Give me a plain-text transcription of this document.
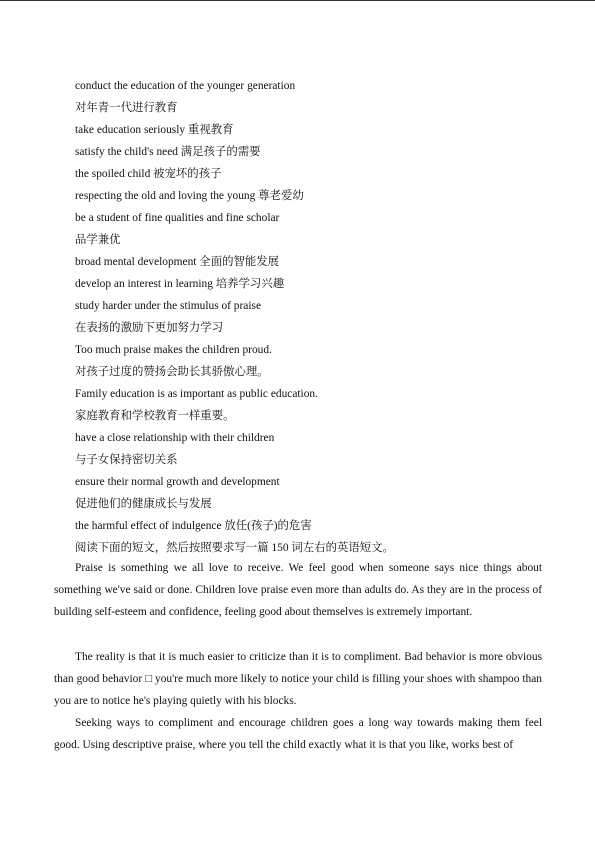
conduct the education of the younger generation
对年青一代进行教育
take education seriously 重视教育
satisfy the child's need 满足孩子的需要
the spoiled child 被宠坏的孩子
respecting the old and loving the young 尊老爱幼
be a student of fine qualities and fine scholar
品学兼优
broad mental development 全面的智能发展
develop an interest in learning 培养学习兴趣
study harder under the stimulus of praise
在表扬的激励下更加努力学习
Too much praise makes the children proud.
对孩子过度的赞扬会助长其骄傲心理。
Family education is as important as public education.
家庭教育和学校教育一样重要。
have a close relationship with their children
与子女保持密切关系
ensure their normal growth and development
促进他们的健康成长与发展
the harmful effect of indulgence 放任(孩子)的危害
阅读下面的短文，然后按照要求写一篇 150 词左右的英语短文。

Praise is something we all love to receive. We feel good when someone says nice things about something we've said or done. Children love praise even more than adults do. As they are in the process of building self-esteem and confidence, feeling good about themselves is extremely important.

The reality is that it is much easier to criticize than it is to compliment. Bad behavior is more obvious than good behavior □ you're much more likely to notice your child is filling your shoes with shampoo than you are to notice he's playing quietly with his blocks.

Seeking ways to compliment and encourage children goes a long way towards making them feel good. Using descriptive praise, where you tell the child exactly what it is that you like, works best of
